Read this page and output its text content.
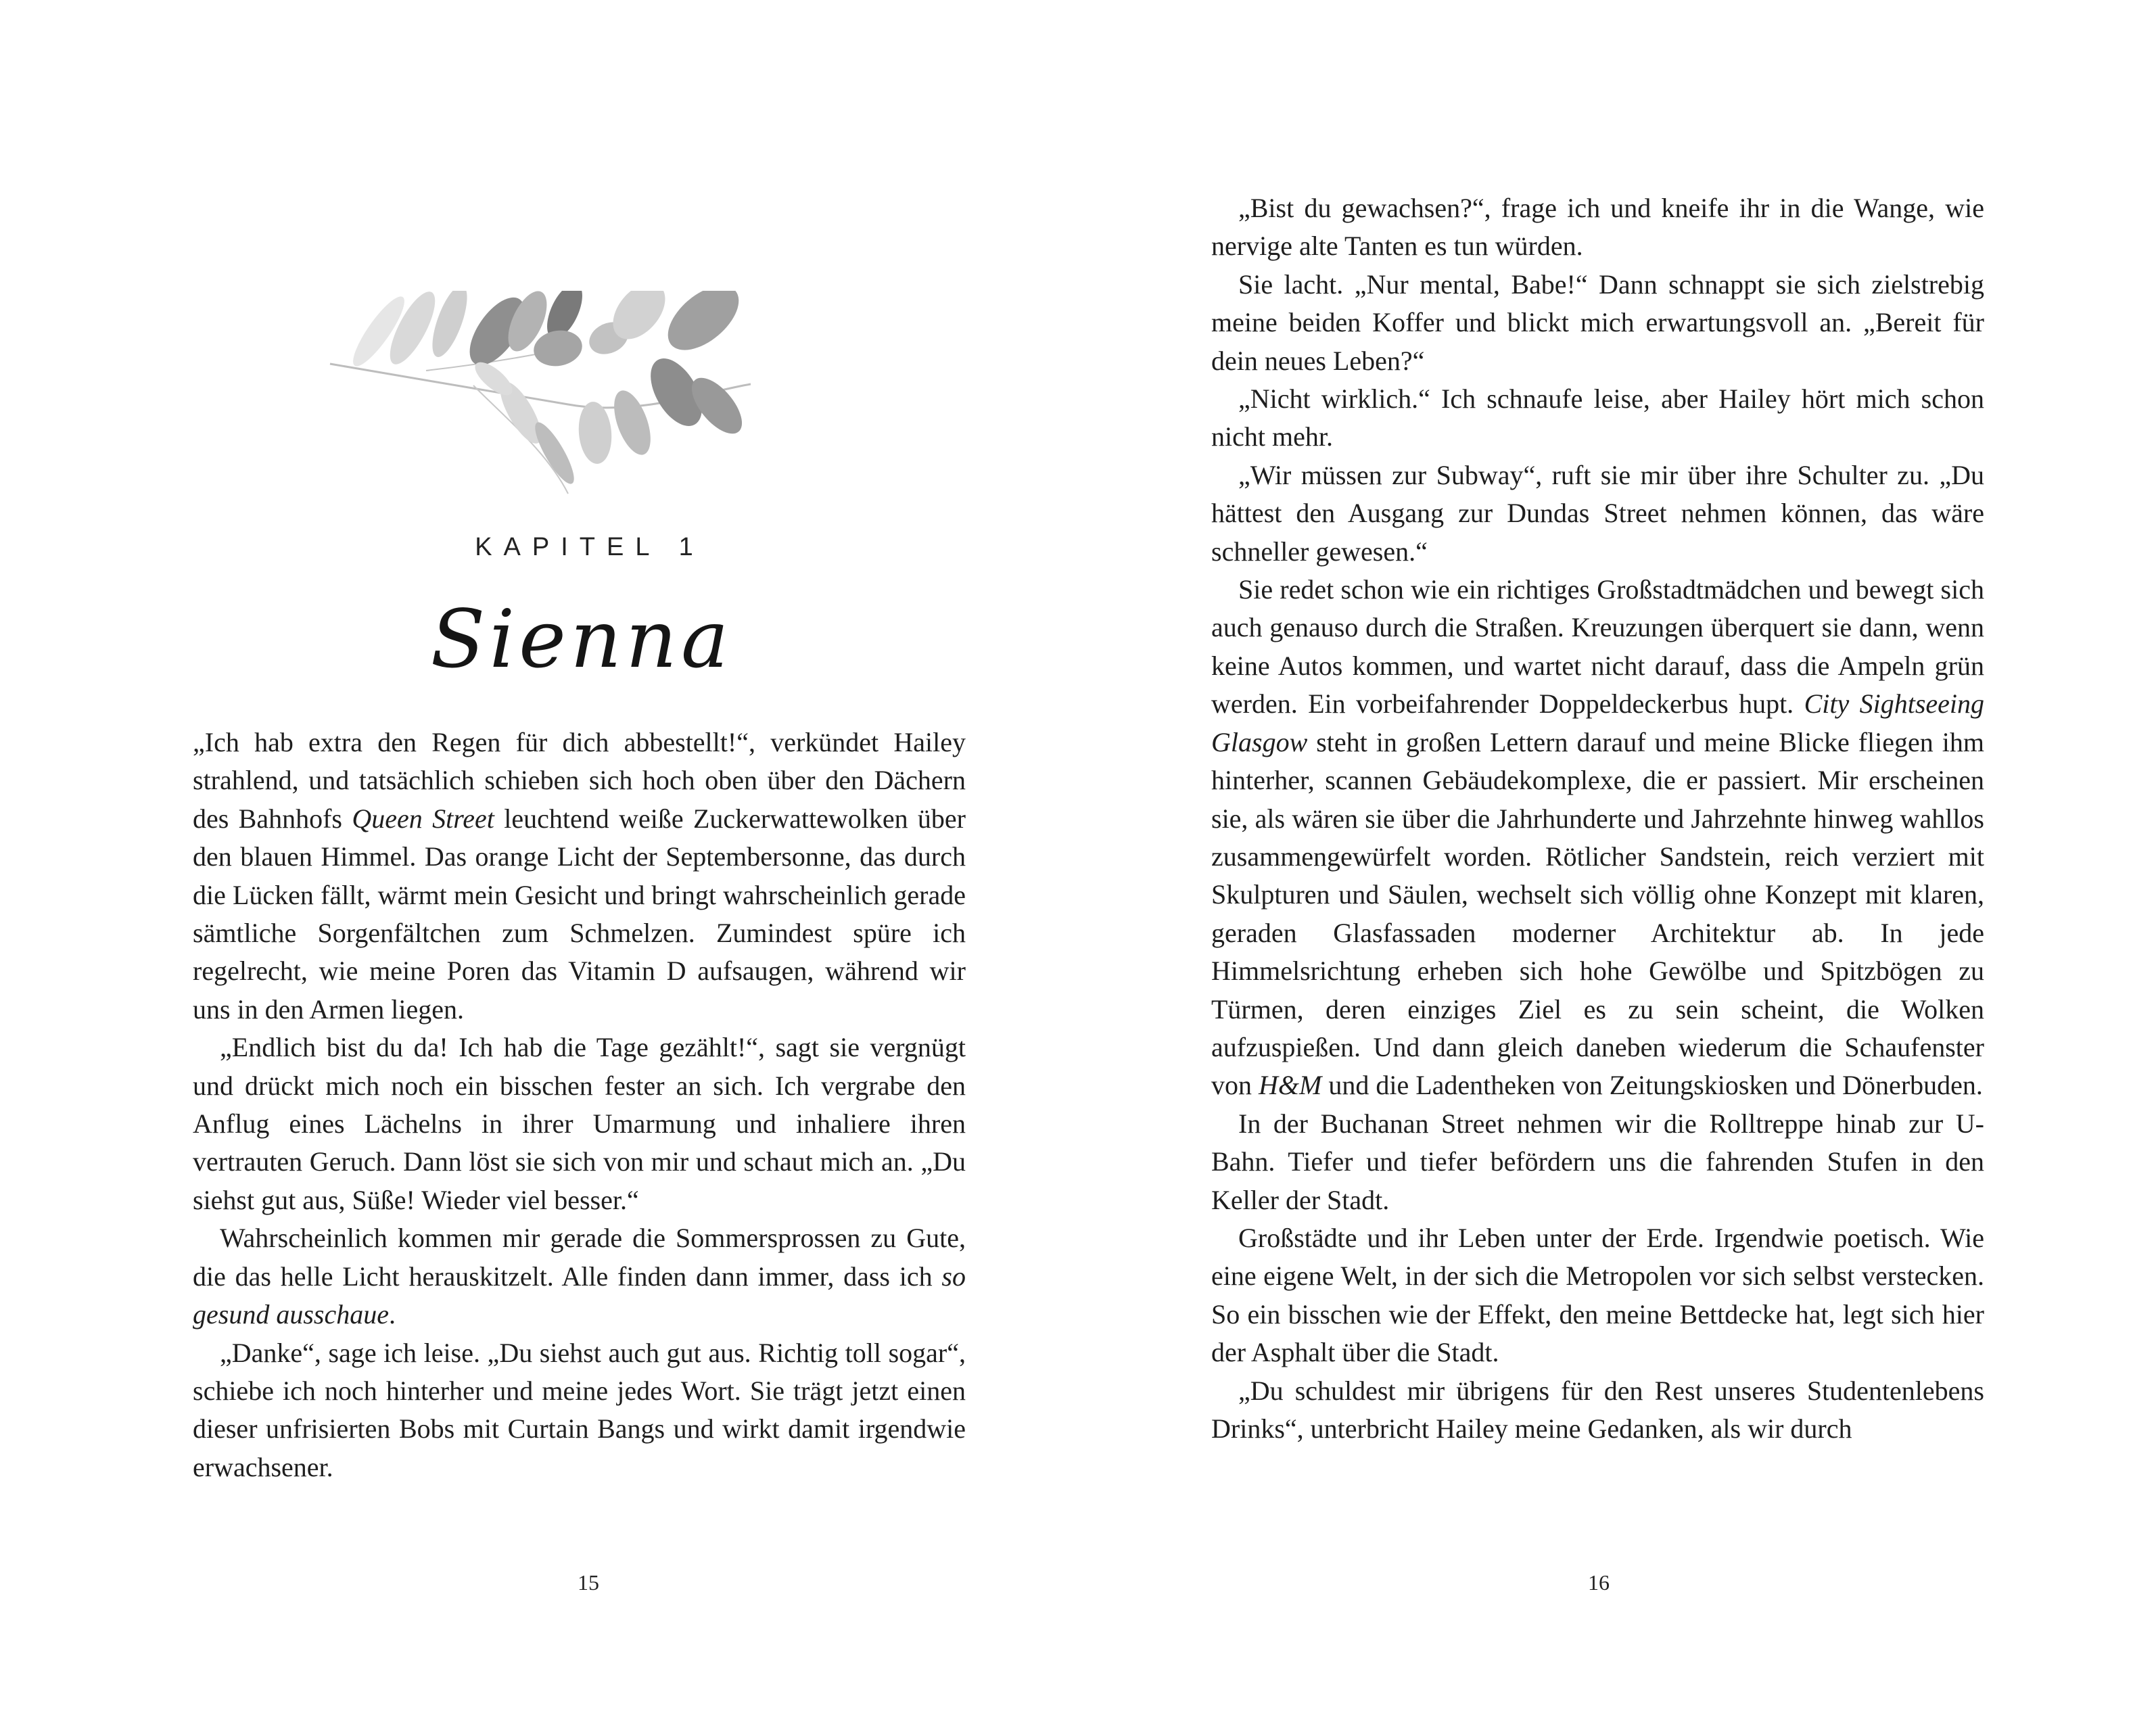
KAPITEL 1
Sienna

„Ich hab extra den Regen für dich abbestellt!“, verkündet Hailey strahlend, und tatsächlich schieben sich hoch oben über den Dächern des Bahnhofs Queen Street leuchtend weiße Zuckerwattewolken über den blauen Himmel. Das orange Licht der Septembersonne, das durch die Lücken fällt, wärmt mein Gesicht und bringt wahrscheinlich gerade sämtliche Sorgenfältchen zum Schmelzen. Zumindest spüre ich regelrecht, wie meine Poren das Vitamin D aufsaugen, während wir uns in den Armen liegen.

„Endlich bist du da! Ich hab die Tage gezählt!“, sagt sie vergnügt und drückt mich noch ein bisschen fester an sich. Ich vergrabe den Anflug eines Lächelns in ihrer Umarmung und inhaliere ihren vertrauten Geruch. Dann löst sie sich von mir und schaut mich an. „Du siehst gut aus, Süße! Wieder viel besser.“

Wahrscheinlich kommen mir gerade die Sommersprossen zu Gute, die das helle Licht herauskitzelt. Alle finden dann immer, dass ich so gesund ausschaue.

„Danke“, sage ich leise. „Du siehst auch gut aus. Richtig toll sogar“, schiebe ich noch hinterher und meine jedes Wort. Sie trägt jetzt einen dieser unfrisierten Bobs mit Curtain Bangs und wirkt damit irgendwie erwachsener.

15

„Bist du gewachsen?“, frage ich und kneife ihr in die Wange, wie nervige alte Tanten es tun würden.

Sie lacht. „Nur mental, Babe!“ Dann schnappt sie sich zielstrebig meine beiden Koffer und blickt mich erwartungsvoll an. „Bereit für dein neues Leben?“

„Nicht wirklich.“ Ich schnaufe leise, aber Hailey hört mich schon nicht mehr.

„Wir müssen zur Subway“, ruft sie mir über ihre Schulter zu. „Du hättest den Ausgang zur Dundas Street nehmen können, das wäre schneller gewesen.“

Sie redet schon wie ein richtiges Großstadtmädchen und bewegt sich auch genauso durch die Straßen. Kreuzungen überquert sie dann, wenn keine Autos kommen, und wartet nicht darauf, dass die Ampeln grün werden. Ein vorbeifahrender Doppeldeckerbus hupt. City Sightseeing Glasgow steht in großen Lettern darauf und meine Blicke fliegen ihm hinterher, scannen Gebäudekomplexe, die er passiert. Mir erscheinen sie, als wären sie über die Jahrhunderte und Jahrzehnte hinweg wahllos zusammengewürfelt worden. Rötlicher Sandstein, reich verziert mit Skulpturen und Säulen, wechselt sich völlig ohne Konzept mit klaren, geraden Glasfassaden moderner Architektur ab. In jede Himmelsrichtung erheben sich hohe Gewölbe und Spitzbögen zu Türmen, deren einziges Ziel es zu sein scheint, die Wolken aufzuspießen. Und dann gleich daneben wiederum die Schaufenster von H&M und die Ladentheken von Zeitungskiosken und Dönerbuden.

In der Buchanan Street nehmen wir die Rolltreppe hinab zur U-Bahn. Tiefer und tiefer befördern uns die fahrenden Stufen in den Keller der Stadt.

Großstädte und ihr Leben unter der Erde. Irgendwie poetisch. Wie eine eigene Welt, in der sich die Metropolen vor sich selbst verstecken. So ein bisschen wie der Effekt, den meine Bettdecke hat, legt sich hier der Asphalt über die Stadt.

„Du schuldest mir übrigens für den Rest unseres Studentenlebens Drinks“, unterbricht Hailey meine Gedanken, als wir durch

16
